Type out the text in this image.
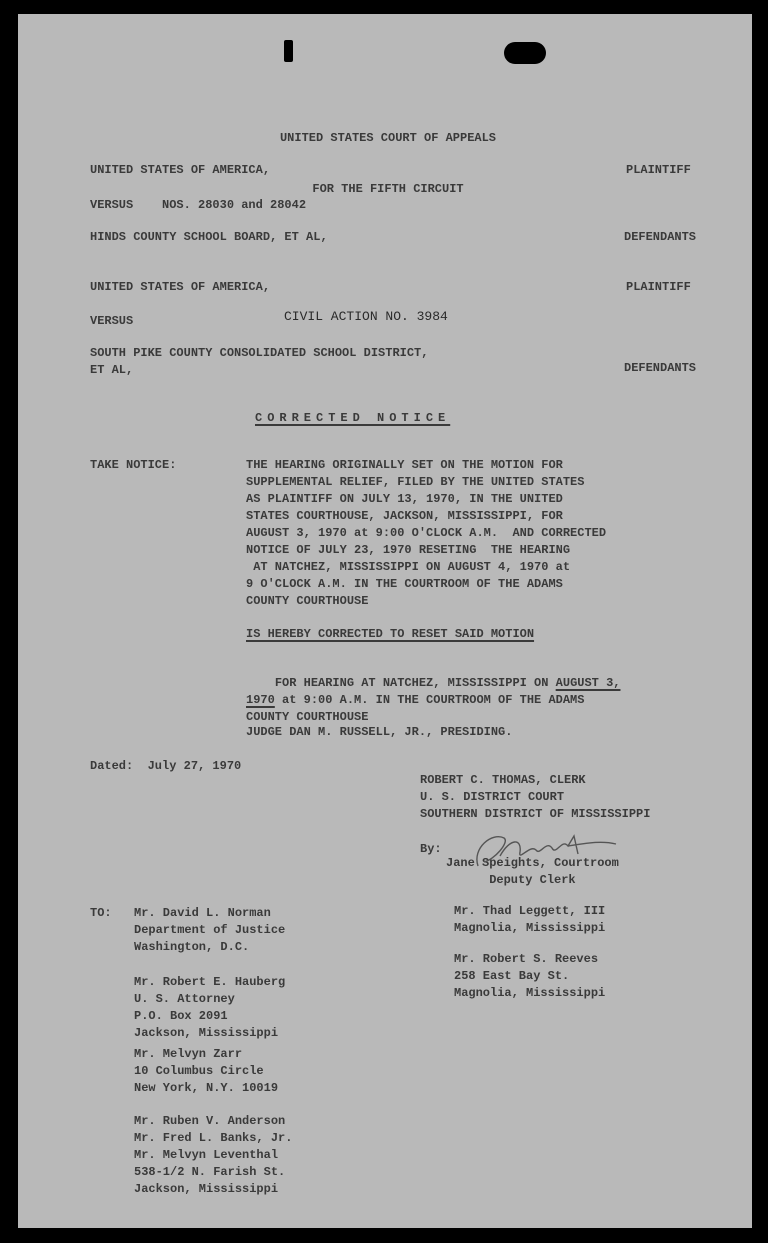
UNITED STATES COURT OF APPEALS

FOR THE FIFTH CIRCUIT

UNITED STATES OF AMERICA,	PLAINTIFF
VERSUS    NOS. 28030 and 28042
HINDS COUNTY SCHOOL BOARD, ET AL,	DEFENDANTS
UNITED STATES OF AMERICA,	PLAINTIFF
VERSUS	CIVIL ACTION NO. 3984
SOUTH PIKE COUNTY CONSOLIDATED SCHOOL DISTRICT,
ET AL,	DEFENDANTS
CORRECTED NOTICE
TAKE NOTICE:	THE HEARING ORIGINALLY SET ON THE MOTION FOR
SUPPLEMENTAL RELIEF, FILED BY THE UNITED STATES
AS PLAINTIFF ON JULY 13, 1970, IN THE UNITED
STATES COURTHOUSE, JACKSON, MISSISSIPPI, FOR
AUGUST 3, 1970 at 9:00 O'CLOCK A.M.  AND CORRECTED
NOTICE OF JULY 23, 1970 RESETING  THE HEARING
AT NATCHEZ, MISSISSIPPI ON AUGUST 4, 1970 at
9 O'CLOCK A.M. IN THE COURTROOM OF THE ADAMS
COUNTY COURTHOUSE
IS HEREBY CORRECTED TO RESET SAID MOTION

FOR HEARING AT NATCHEZ, MISSISSIPPI ON AUGUST 3,
1970 at 9:00 A.M. IN THE COURTROOM OF THE ADAMS
COUNTY COURTHOUSE

JUDGE DAN M. RUSSELL, JR., PRESIDING.
Dated:  July 27, 1970
ROBERT C. THOMAS, CLERK
U. S. DISTRICT COURT
SOUTHERN DISTRICT OF MISSISSIPPI
By:
Jane Speights, Courtroom
Deputy Clerk
TO: Mr. David L. Norman
Department of Justice
Washington, D.C.
Mr. Robert E. Hauberg
U. S. Attorney
P.O. Box 2091
Jackson, Mississippi
Mr. Melvyn Zarr
10 Columbus Circle
New York, N.Y. 10019
Mr. Ruben V. Anderson
Mr. Fred L. Banks, Jr.
Mr. Melvyn Leventhal
538-1/2 N. Farish St.
Jackson, Mississippi
Mr. Thad Leggett, III
Magnolia, Mississippi
Mr. Robert S. Reeves
258 East Bay St.
Magnolia, Mississippi
